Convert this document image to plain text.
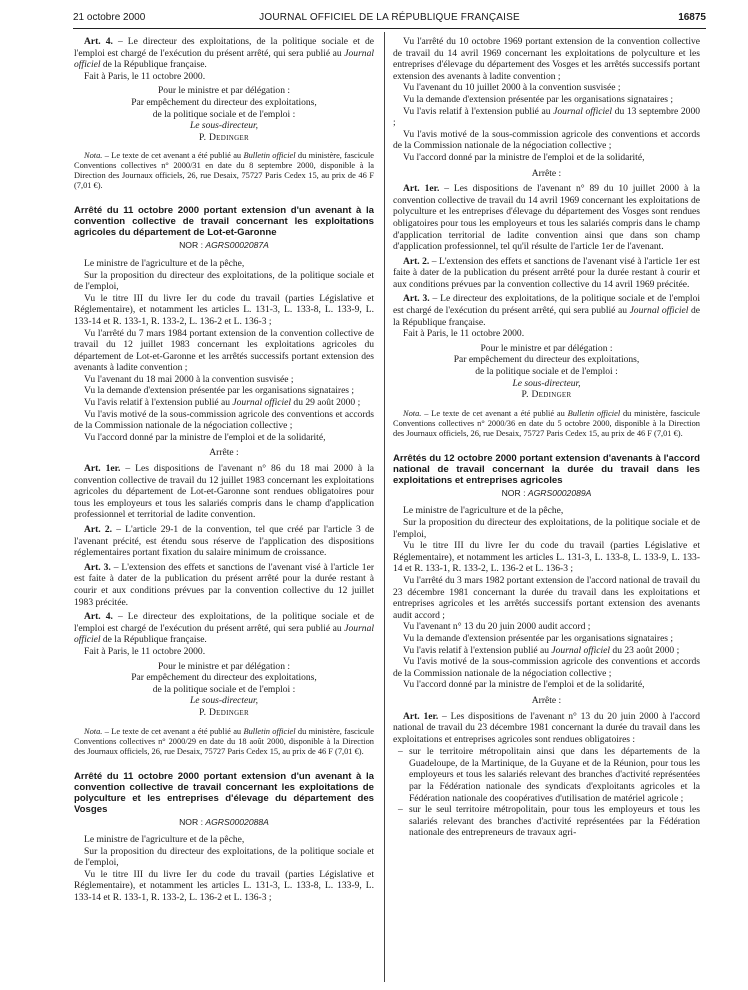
21 octobre 2000	JOURNAL OFFICIEL DE LA RÉPUBLIQUE FRANÇAISE	16875

Art. 4. – Le directeur des exploitations, de la politique sociale et de l'emploi est chargé de l'exécution du présent arrêté, qui sera publié au Journal officiel de la République française.

Fait à Paris, le 11 octobre 2000.

Pour le ministre et par délégation :

Par empêchement du directeur des exploitations,

de la politique sociale et de l'emploi :

Le sous-directeur,

P. Dedinger

Nota. – Le texte de cet avenant a été publié au Bulletin officiel du ministère, fascicule Conventions collectives n° 2000/31 en date du 8 septembre 2000, disponible à la Direction des Journaux officiels, 26, rue Desaix, 75727 Paris Cedex 15, au prix de 46 F (7,01 €).

Arrêté du 11 octobre 2000 portant extension d'un avenant à la convention collective de travail concernant les exploitations agricoles du département de Lot-et-Garonne

NOR : AGRS0002087A

Le ministre de l'agriculture et de la pêche,

Sur la proposition du directeur des exploitations, de la politique sociale et de l'emploi,

Vu le titre III du livre Ier du code du travail (parties Législative et Réglementaire), et notamment les articles L. 131-3, L. 133-8, L. 133-9, L. 133-14 et R. 133-1, R. 133-2, L. 136-2 et L. 136-3 ;

Vu l'arrêté du 7 mars 1984 portant extension de la convention collective de travail du 12 juillet 1983 concernant les exploitations agricoles du département de Lot-et-Garonne et les arrêtés successifs portant extension des avenants à ladite convention ;

Vu l'avenant du 18 mai 2000 à la convention susvisée ;

Vu la demande d'extension présentée par les organisations signataires ;

Vu l'avis relatif à l'extension publié au Journal officiel du 29 août 2000 ;

Vu l'avis motivé de la sous-commission agricole des conventions et accords de la Commission nationale de la négociation collective ;

Vu l'accord donné par la ministre de l'emploi et de la solidarité,

Arrête :

Art. 1er. – Les dispositions de l'avenant n° 86 du 18 mai 2000 à la convention collective de travail du 12 juillet 1983 concernant les exploitations agricoles du département de Lot-et-Garonne sont rendues obligatoires pour tous les employeurs et tous les salariés compris dans le champ d'application professionnel et territorial de ladite convention.

Art. 2. – L'article 29-1 de la convention, tel que créé par l'article 3 de l'avenant précité, est étendu sous réserve de l'application des dispositions réglementaires portant fixation du salaire minimum de croissance.

Art. 3. – L'extension des effets et sanctions de l'avenant visé à l'article 1er est faite à dater de la publication du présent arrêté pour la durée restant à courir et aux conditions prévues par la convention collective du 12 juillet 1983 précitée.

Art. 4. – Le directeur des exploitations, de la politique sociale et de l'emploi est chargé de l'exécution du présent arrêté, qui sera publié au Journal officiel de la République française.

Fait à Paris, le 11 octobre 2000.

Pour le ministre et par délégation :

Par empêchement du directeur des exploitations,

de la politique sociale et de l'emploi :

Le sous-directeur,

P. Dedinger

Nota. – Le texte de cet avenant a été publié au Bulletin officiel du ministère, fascicule Conventions collectives n° 2000/29 en date du 18 août 2000, disponible à la Direction des Journaux officiels, 26, rue Desaix, 75727 Paris Cedex 15, au prix de 46 F (7,01 €).

Arrêté du 11 octobre 2000 portant extension d'un avenant à la convention collective de travail concernant les exploitations de polyculture et les entreprises d'élevage du département des Vosges

NOR : AGRS0002088A

Le ministre de l'agriculture et de la pêche,

Sur la proposition du directeur des exploitations, de la politique sociale et de l'emploi,

Vu le titre III du livre Ier du code du travail (parties Législative et Réglementaire), et notamment les articles L. 131-3, L. 133-8, L. 133-9, L. 133-14 et R. 133-1, R. 133-2, L. 136-2 et L. 136-3 ;

Vu l'arrêté du 10 octobre 1969 portant extension de la convention collective de travail du 14 avril 1969 concernant les exploitations de polyculture et les entreprises d'élevage du département des Vosges et les arrêtés successifs portant extension des avenants à ladite convention ;

Vu l'avenant du 10 juillet 2000 à la convention susvisée ;

Vu la demande d'extension présentée par les organisations signataires ;

Vu l'avis relatif à l'extension publié au Journal officiel du 13 septembre 2000 ;

Vu l'avis motivé de la sous-commission agricole des conventions et accords de la Commission nationale de la négociation collective ;

Vu l'accord donné par la ministre de l'emploi et de la solidarité,

Arrête :

Art. 1er. – Les dispositions de l'avenant n° 89 du 10 juillet 2000 à la convention collective de travail du 14 avril 1969 concernant les exploitations de polyculture et les entreprises d'élevage du département des Vosges sont rendues obligatoires pour tous les employeurs et tous les salariés compris dans le champ d'application territorial de ladite convention ainsi que dans son champ d'application professionnel, tel qu'il résulte de l'article 1er de l'avenant.

Art. 2. – L'extension des effets et sanctions de l'avenant visé à l'article 1er est faite à dater de la publication du présent arrêté pour la durée restant à courir et aux conditions prévues par la convention collective du 14 avril 1969 précitée.

Art. 3. – Le directeur des exploitations, de la politique sociale et de l'emploi est chargé de l'exécution du présent arrêté, qui sera publié au Journal officiel de la République française.

Fait à Paris, le 11 octobre 2000.

Pour le ministre et par délégation :

Par empêchement du directeur des exploitations,

de la politique sociale et de l'emploi :

Le sous-directeur,

P. Dedinger

Nota. – Le texte de cet avenant a été publié au Bulletin officiel du ministère, fascicule Conventions collectives n° 2000/36 en date du 5 octobre 2000, disponible à la Direction des Journaux officiels, 26, rue Desaix, 75727 Paris Cedex 15, au prix de 46 F (7,01 €).

Arrêtés du 12 octobre 2000 portant extension d'avenants à l'accord national de travail concernant la durée du travail dans les exploitations et entreprises agricoles

NOR : AGRS0002089A

Le ministre de l'agriculture et de la pêche,

Sur la proposition du directeur des exploitations, de la politique sociale et de l'emploi,

Vu le titre III du livre Ier du code du travail (parties Législative et Réglementaire), et notamment les articles L. 131-3, L. 133-8, L. 133-9, L. 133-14 et R. 133-1, R. 133-2, L. 136-2 et L. 136-3 ;

Vu l'arrêté du 3 mars 1982 portant extension de l'accord national de travail du 23 décembre 1981 concernant la durée du travail dans les exploitations et entreprises agricoles et les arrêtés successifs portant extension des avenants audit accord ;

Vu l'avenant n° 13 du 20 juin 2000 audit accord ;

Vu la demande d'extension présentée par les organisations signataires ;

Vu l'avis relatif à l'extension publié au Journal officiel du 23 août 2000 ;

Vu l'avis motivé de la sous-commission agricole des conventions et accords de la Commission nationale de la négociation collective ;

Vu l'accord donné par la ministre de l'emploi et de la solidarité,

Arrête :

Art. 1er. – Les dispositions de l'avenant n° 13 du 20 juin 2000 à l'accord national de travail du 23 décembre 1981 concernant la durée du travail dans les exploitations et entreprises agricoles sont rendues obligatoires :

– sur le territoire métropolitain ainsi que dans les départements de la Guadeloupe, de la Martinique, de la Guyane et de la Réunion, pour tous les employeurs et tous les salariés relevant des branches d'activité représentées par la Fédération nationale des syndicats d'exploitants agricoles et la Fédération nationale des coopératives d'utilisation de matériel agricole ;
– sur le seul territoire métropolitain, pour tous les employeurs et tous les salariés relevant des branches d'activité représentées par la Fédération nationale des entrepreneurs de travaux agri-
